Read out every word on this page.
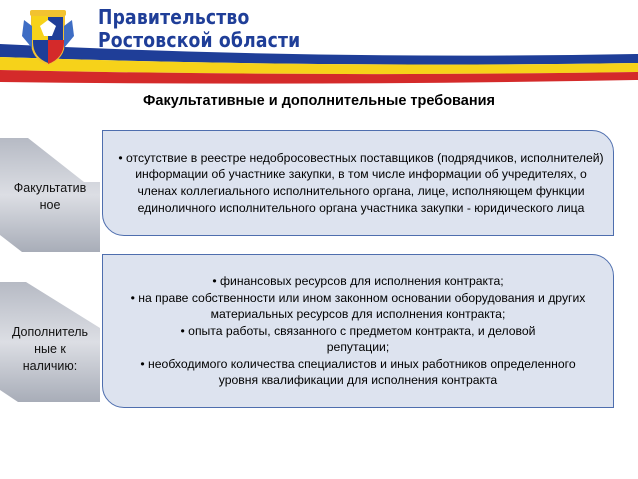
Правительство
Ростовской области
Факультативные и дополнительные требования

• отсутствие в реестре недобросовестных поставщиков (подрядчиков, исполнителей) информации об участнике закупки, в том числе информации об учредителях, о членах коллегиального исполнительного органа, лице, исполняющем функции единоличного исполнительного органа участника закупки - юридического лица

Факультатив
ное

• финансовых ресурсов для исполнения контракта;

• на праве собственности или ином законном основании оборудования и других материальных ресурсов для исполнения контракта;

• опыта работы, связанного с предметом контракта, и деловой репутации;

• необходимого количества специалистов и иных работников определенного уровня квалификации для исполнения контракта

Дополнитель
ные к
наличию:
